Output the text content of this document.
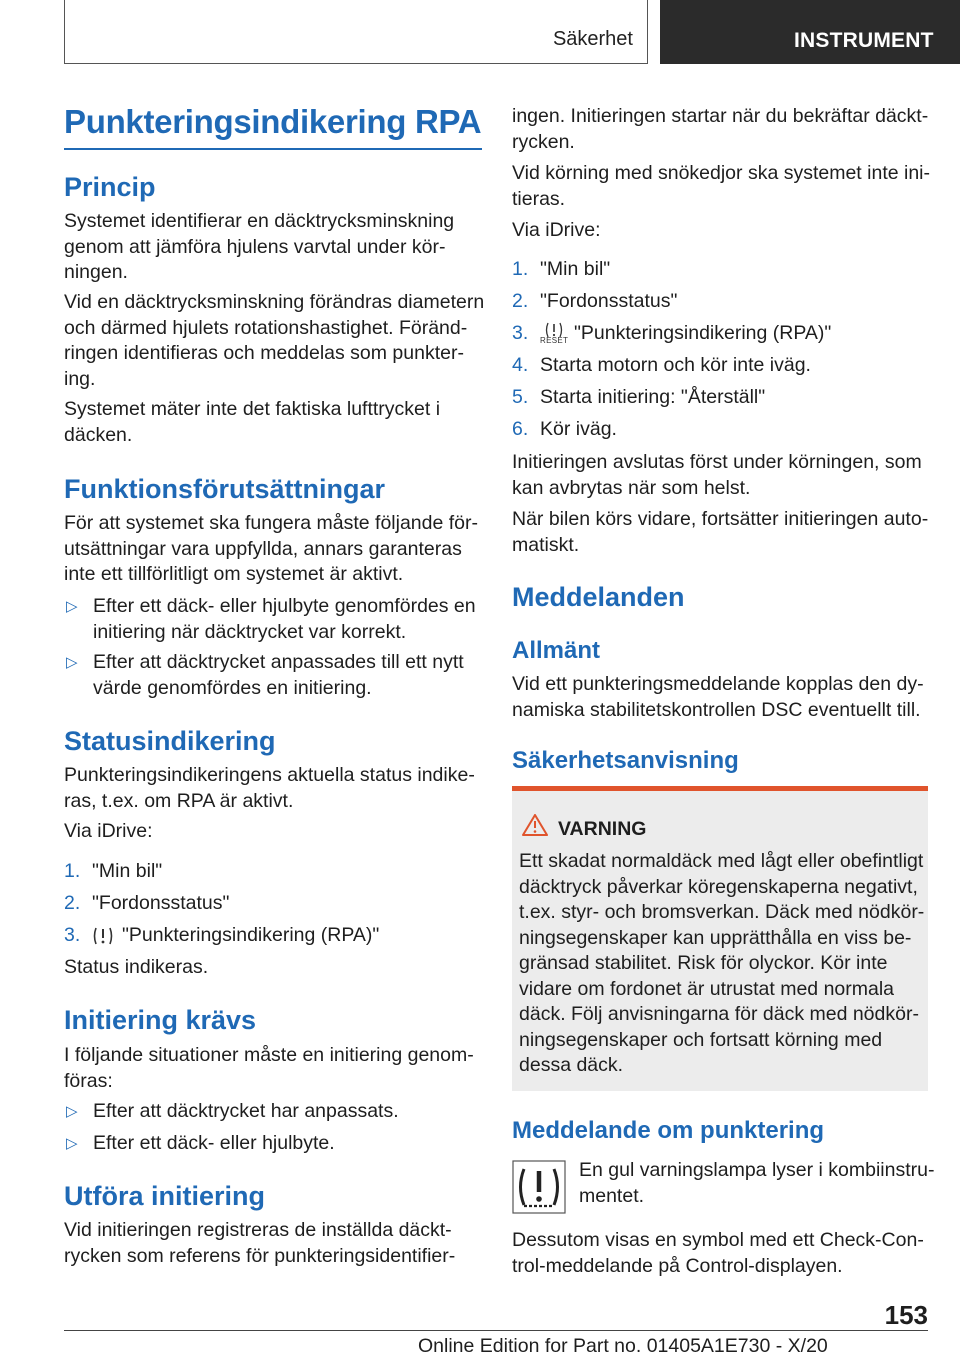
Säkerhet	INSTRUMENT
Punkteringsindikering RPA
Princip
Systemet identifierar en däcktrycksminskning
genom att jämföra hjulens varvtal under kör-
ningen.
Vid en däcktrycksminskning förändras diametern
och därmed hjulets rotationshastighet. Föränd-
ringen identifieras och meddelas som punkter-
ing.
Systemet mäter inte det faktiska lufttrycket i
däcken.
Funktionsförutsättningar
För att systemet ska fungera måste följande för-
utsättningar vara uppfyllda, annars garanteras
inte ett tillförlitligt om systemet är aktivt.
▷ Efter ett däck- eller hjulbyte genomfördes en
initiering när däcktrycket var korrekt.
▷ Efter att däcktrycket anpassades till ett nytt
värde genomfördes en initiering.
Statusindikering
Punkteringsindikeringens aktuella status indike-
ras, t.ex. om RPA är aktivt.
Via iDrive:
1. "Min bil"
2. "Fordonsstatus"
3.	"Punkteringsindikering (RPA)"
Status indikeras.
Initiering krävs
I följande situationer måste en initiering genom-
föras:
▷ Efter att däcktrycket har anpassats.
▷ Efter ett däck- eller hjulbyte.
Utföra initiering
Vid initieringen registreras de inställda däckt-
rycken som referens för punkteringsidentifier-
ingen. Initieringen startar när du bekräftar däckt-
rycken.
Vid körning med snökedjor ska systemet inte ini-
tieras.
Via iDrive:
1. "Min bil"
2. "Fordonsstatus"
3. RESET "Punkteringsindikering (RPA)"
4. Starta motorn och kör inte iväg.
5. Starta initiering: "Återställ"
6. Kör iväg.
Initieringen avslutas först under körningen, som
kan avbrytas när som helst.
När bilen körs vidare, fortsätter initieringen auto-
matiskt.
Meddelanden
Allmänt
Vid ett punkteringsmeddelande kopplas den dy-
namiska stabilitetskontrollen DSC eventuellt till.
Säkerhetsanvisning
VARNING
Ett skadat normaldäck med lågt eller obefintligt
däcktryck påverkar köregenskaperna negativt,
t.ex. styr- och bromsverkan. Däck med nödkör-
ningsegenskaper kan upprätthålla en viss be-
gränsad stabilitet. Risk för olyckor. Kör inte
vidare om fordonet är utrustat med normala
däck. Följ anvisningarna för däck med nödkör-
ningsegenskaper och fortsatt körning med
dessa däck.
Meddelande om punktering
En gul varningslampa lyser i kombiinstru-
mentet.
Dessutom visas en symbol med ett Check-Con-
trol-meddelande på Control-displayen.
153
Online Edition for Part no. 01405A1E730 - X/20
